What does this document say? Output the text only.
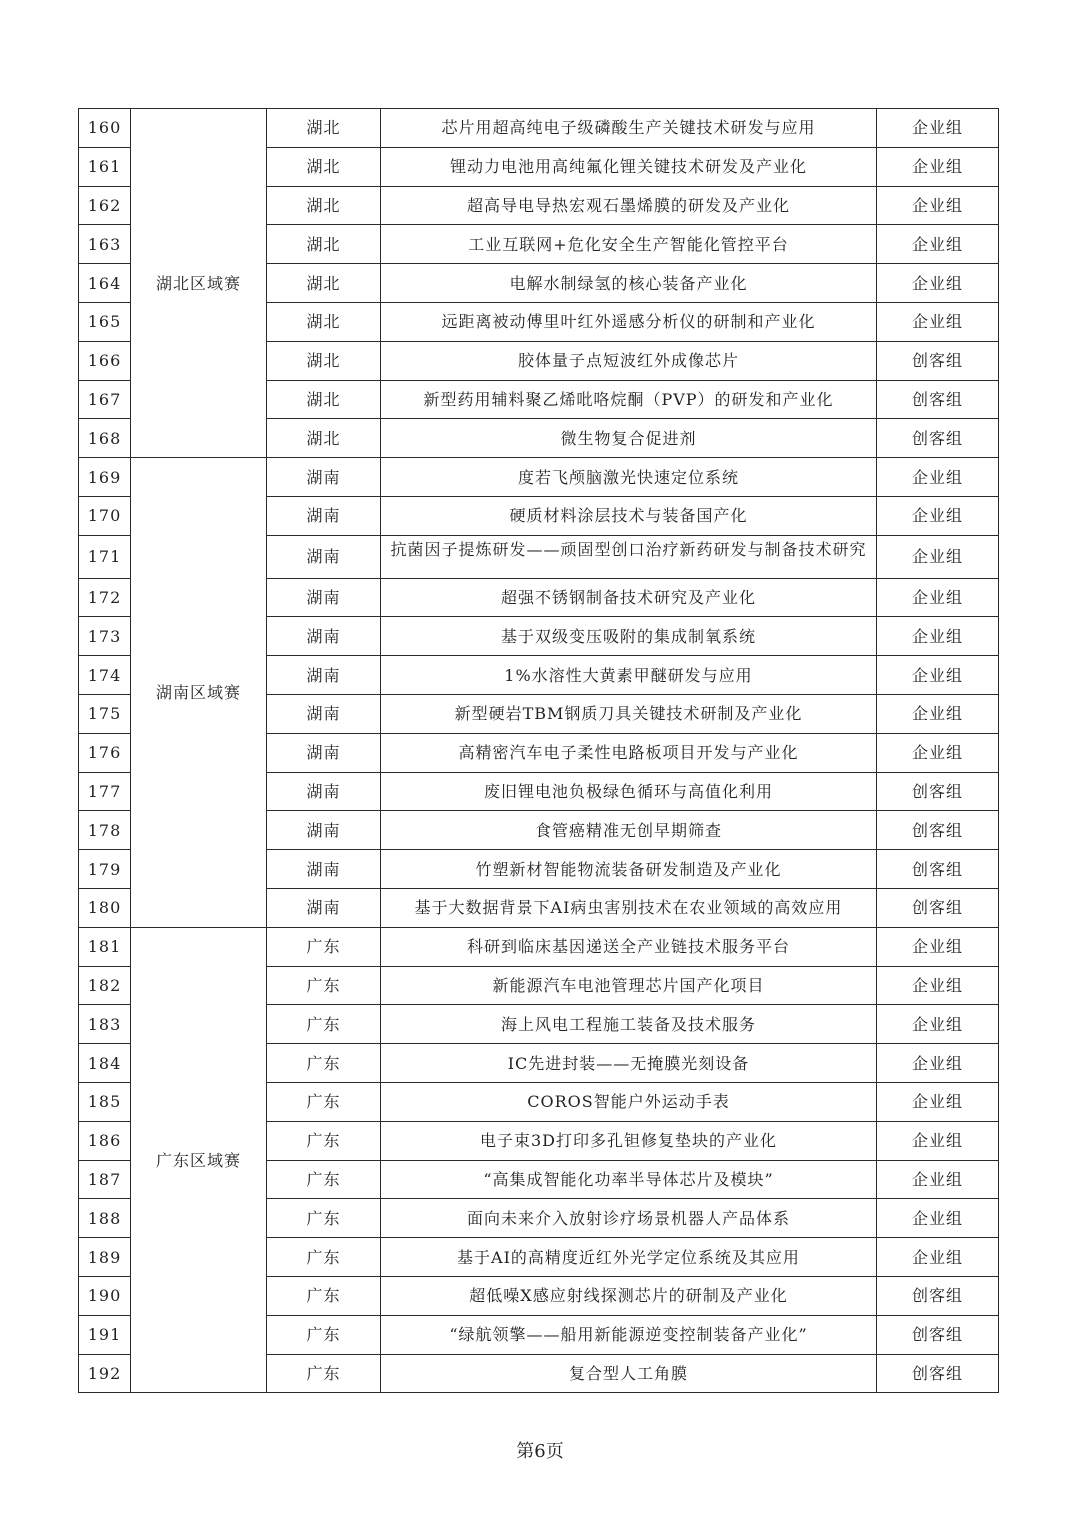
160	湖北区域赛	湖北	芯片用超高纯电子级磷酸生产关键技术研发与应用	企业组
161		湖北	锂动力电池用高纯氟化锂关键技术研发及产业化	企业组
162		湖北	超高导电导热宏观石墨烯膜的研发及产业化	企业组
163		湖北	工业互联网+危化安全生产智能化管控平台	企业组
164		湖北	电解水制绿氢的核心装备产业化	企业组
165		湖北	远距离被动傅里叶红外遥感分析仪的研制和产业化	企业组
166		湖北	胶体量子点短波红外成像芯片	创客组
167		湖北	新型药用辅料聚乙烯吡咯烷酮（PVP）的研发和产业化	创客组
168		湖北	微生物复合促进剂	创客组
169	湖南区域赛	湖南	度若飞颅脑激光快速定位系统	企业组
170		湖南	硬质材料涂层技术与装备国产化	企业组
171		湖南	抗菌因子提炼研发——顽固型创口治疗新药研发与制备技术研究	企业组
172		湖南	超强不锈钢制备技术研究及产业化	企业组
173		湖南	基于双级变压吸附的集成制氧系统	企业组
174		湖南	1%水溶性大黄素甲醚研发与应用	企业组
175		湖南	新型硬岩TBM钢质刀具关键技术研制及产业化	企业组
176		湖南	高精密汽车电子柔性电路板项目开发与产业化	企业组
177		湖南	废旧锂电池负极绿色循环与高值化利用	创客组
178		湖南	食管癌精准无创早期筛查	创客组
179		湖南	竹塑新材智能物流装备研发制造及产业化	创客组
180		湖南	基于大数据背景下AI病虫害别技术在农业领域的高效应用	创客组
181	广东区域赛	广东	科研到临床基因递送全产业链技术服务平台	企业组
182		广东	新能源汽车电池管理芯片国产化项目	企业组
183		广东	海上风电工程施工装备及技术服务	企业组
184		广东	IC先进封装——无掩膜光刻设备	企业组
185		广东	COROS智能户外运动手表	企业组
186		广东	电子束3D打印多孔钽修复垫块的产业化	企业组
187		广东	“高集成智能化功率半导体芯片及模块”	企业组
188		广东	面向未来介入放射诊疗场景机器人产品体系	企业组
189		广东	基于AI的高精度近红外光学定位系统及其应用	企业组
190		广东	超低噪X感应射线探测芯片的研制及产业化	创客组
191		广东	“绿航领擎——船用新能源逆变控制装备产业化”	创客组
192		广东	复合型人工角膜	创客组
第6页
